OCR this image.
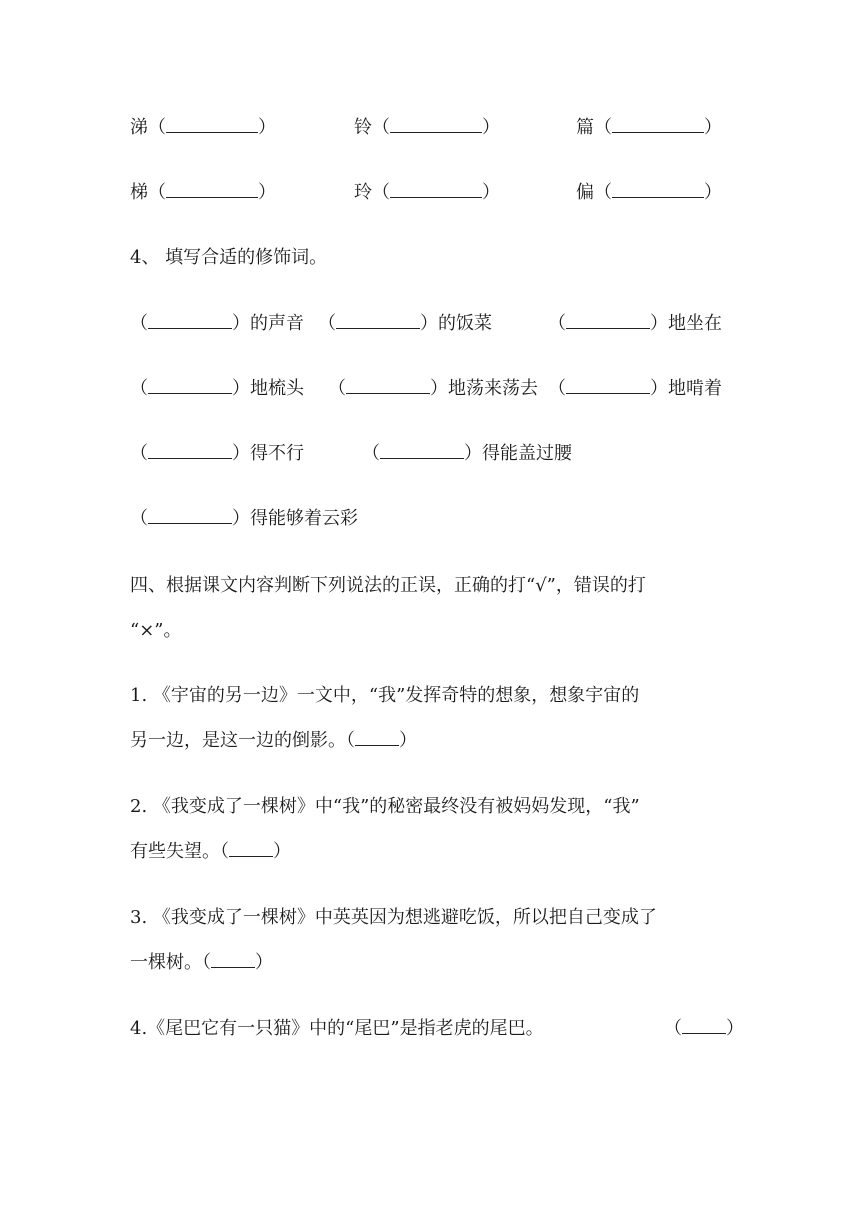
涕（	）	铃（	）	篇（	）
梯（	）	玲（	）	偏（	）
4、 填写合适的修饰词。
（	）的声音 （	）的饭菜	（	）地坐在
（	）地梳头 （	）地荡来荡去 （	）地啃着
（	）得不行	（	）得能盖过腰
（	）得能够着云彩
四、根据课文内容判断下列说法的正误，正确的打“√”，错误的打
“×”。
1. 《宇宙的另一边》一文中，“我”发挥奇特的想象，想象宇宙的
另一边，是这一边的倒影。（ ）
2. 《我变成了一棵树》中“我”的秘密最终没有被妈妈发现，“我”
有些失望。（ ）
3. 《我变成了一棵树》中英英因为想逃避吃饭，所以把自己变成了
一棵树。（ ）
4.《尾巴它有一只猫》中的“尾巴”是指老虎的尾巴。	（ ）
